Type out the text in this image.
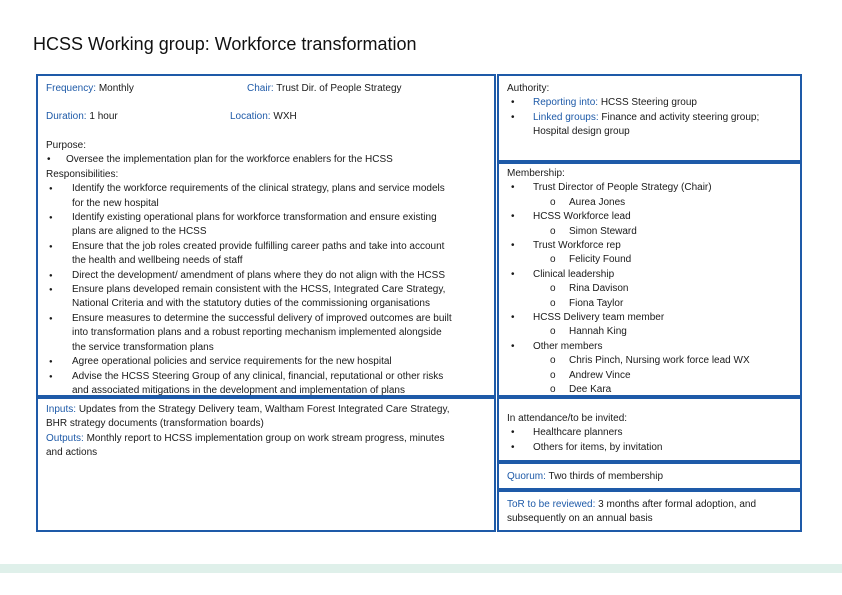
HCSS Working group: Workforce transformation
Frequency: Monthly	Chair: Trust Dir. of People Strategy
Duration: 1 hour	Location: WXH
Purpose:
• Oversee the implementation plan for the workforce enablers for the HCSS
Responsibilities:
● Identify the workforce requirements of the clinical strategy, plans and service models
for the new hospital
● Identify existing operational plans for workforce transformation and ensure existing
plans are aligned to the HCSS
● Ensure that the job roles created provide fulfilling career paths and take into account
the health and wellbeing needs of staff
● Direct the development/ amendment of plans where they do not align with the HCSS
● Ensure plans developed remain consistent with the HCSS, Integrated Care Strategy,
National Criteria and with the statutory duties of the commissioning organisations
● Ensure measures to determine the successful delivery of improved outcomes are built
into transformation plans and a robust reporting mechanism implemented alongside
the service transformation plans
● Agree operational policies and service requirements for the new hospital
● Advise the HCSS Steering Group of any clinical, financial, reputational or other risks
and associated mitigations in the development and implementation of plans
Inputs: Updates from the Strategy Delivery team, Waltham Forest Integrated Care Strategy,
BHR strategy documents (transformation boards)
Outputs: Monthly report to HCSS implementation group on work stream progress, minutes
and actions
Authority:
• Reporting into: HCSS Steering group
• Linked groups: Finance and activity steering group;
Hospital design group
Membership:
• Trust Director of People Strategy (Chair)
o Aurea Jones
• HCSS Workforce lead
o Simon Steward
• Trust Workforce rep
o Felicity Found
• Clinical leadership
o Rina Davison
o Fiona Taylor
• HCSS Delivery team member
o Hannah King
• Other members
o Chris Pinch, Nursing work force lead WX
o Andrew Vince
o Dee Kara
In attendance/to be invited:
• Healthcare planners
• Others for items, by invitation
Quorum: Two thirds of membership
ToR to be reviewed: 3 months after formal adoption, and
subsequently on an annual basis
